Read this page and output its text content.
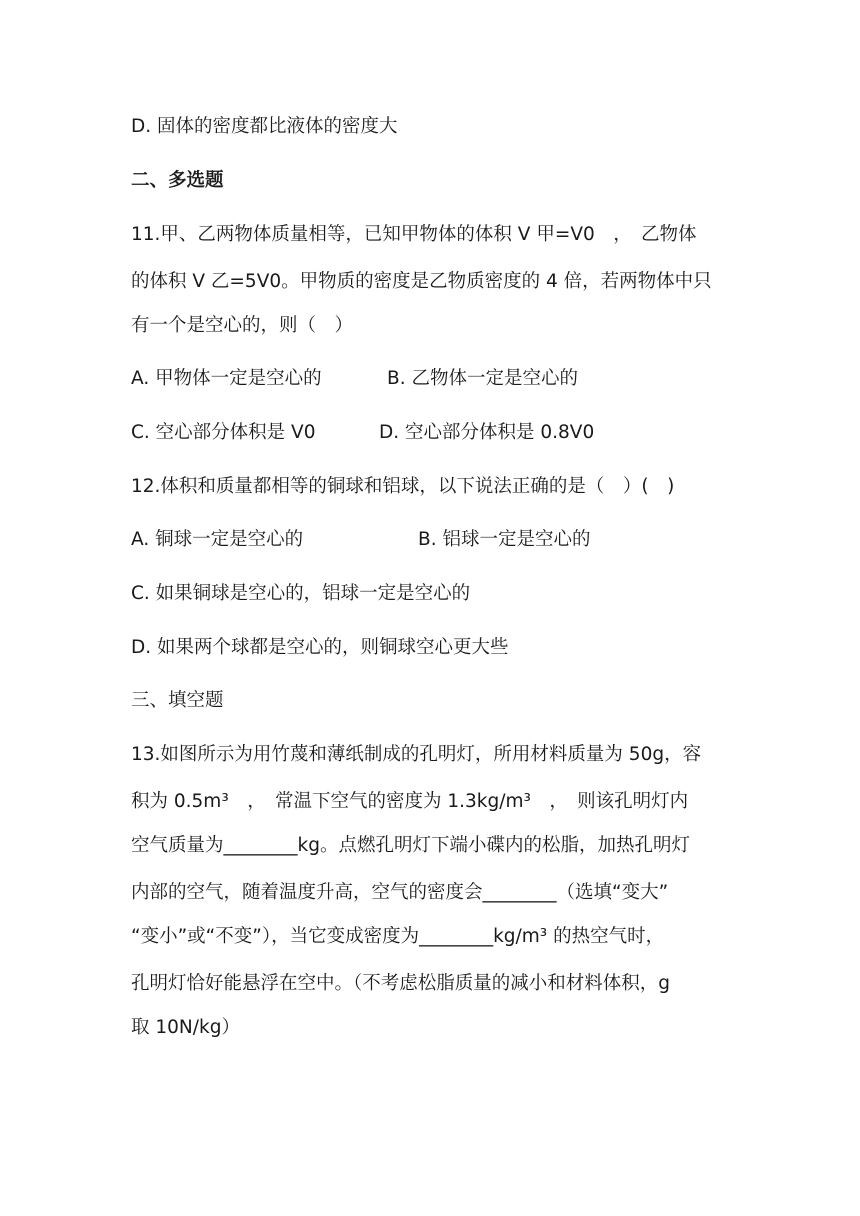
D. 固体的密度都比液体的密度大
二、多选题
11.甲、乙两物体质量相等，已知甲物体的体积 V 甲=V0　，　乙物体
的体积 V 乙=5V0。甲物质的密度是乙物质密度的 4 倍，若两物体中只
有一个是空心的，则（　）
A. 甲物体一定是空心的	B. 乙物体一定是空心的
C. 空心部分体积是 V0	D. 空心部分体积是 0.8V0
12.体积和质量都相等的铜球和铝球，以下说法正确的是（　）(　)
A. 铜球一定是空心的	B. 铝球一定是空心的
C. 如果铜球是空心的，铝球一定是空心的
D. 如果两个球都是空心的，则铜球空心更大些
三、填空题
13.如图所示为用竹蔑和薄纸制成的孔明灯，所用材料质量为 50g，容
积为 0.5m³　，　常温下空气的密度为 1.3kg/m³　，　则该孔明灯内
空气质量为________kg。点燃孔明灯下端小碟内的松脂，加热孔明灯
内部的空气，随着温度升高，空气的密度会________（选填“变大”
“变小”或“不变”），当它变成密度为________kg/m³ 的热空气时，
孔明灯恰好能悬浮在空中。（不考虑松脂质量的减小和材料体积，g
取 10N/kg）
